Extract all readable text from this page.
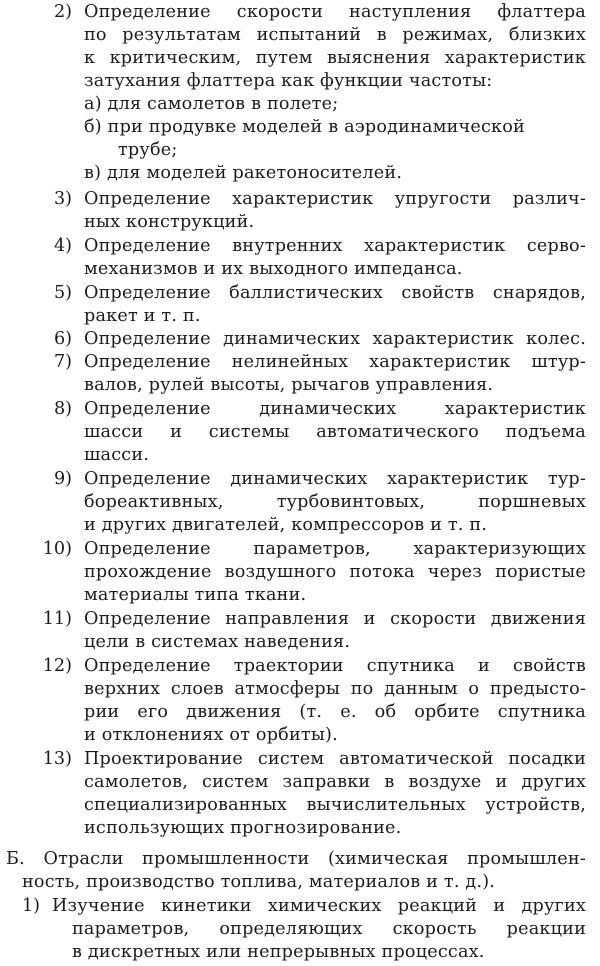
2) Определение скорости наступления флаттера
по результатам испытаний в режимах, близких
к критическим, путем выяснения характеристик
затухания флаттера как функции частоты:
а) для самолетов в полете;
б) при продувке моделей в аэродинамической
трубе;
в) для моделей ракетоносителей.
3) Определение характеристик упругости различ-
ных конструкций.
4) Определение внутренних характеристик серво-
механизмов и их выходного импеданса.
5) Определение баллистических свойств снарядов,
ракет и т. п.
6) Определение динамических характеристик колес.
7) Определение нелинейных характеристик штур-
валов, рулей высоты, рычагов управления.
8) Определение динамических характеристик
шасси и системы автоматического подъема
шасси.
9) Определение динамических характеристик тур-
бореактивных, турбовинтовых, поршневых
и других двигателей, компрессоров и т. п.
10) Определение параметров, характеризующих
прохождение воздушного потока через пористые
материалы типа ткани.
11) Определение направления и скорости движения
цели в системах наведения.
12) Определение траектории спутника и свойств
верхних слоев атмосферы по данным о предысто-
рии его движения (т. е. об орбите спутника
и отклонениях от орбиты).
13) Проектирование систем автоматической посадки
самолетов, систем заправки в воздухе и других
специализированных вычислительных устройств,
использующих прогнозирование.
Б. Отрасли промышленности (химическая промышлен-
ность, производство топлива, материалов и т. д.).
1) Изучение кинетики химических реакций и других
параметров, определяющих скорость реакции
в дискретных или непрерывных процессах.
